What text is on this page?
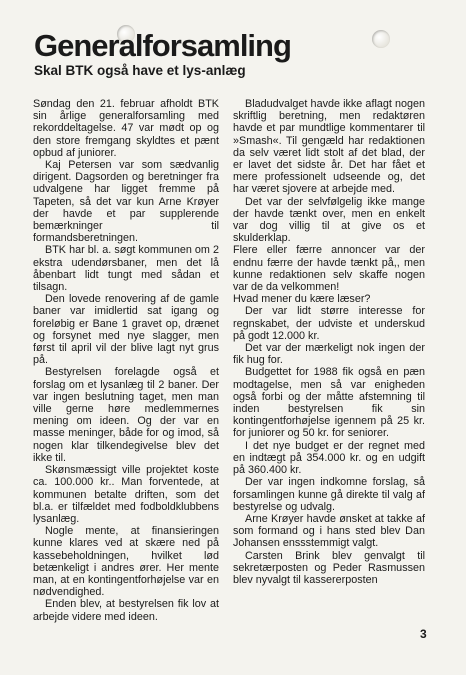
Generalforsamling
Skal BTK også have et lys-anlæg

Søndag den 21. februar afholdt BTK sin årlige generalforsamling med rekorddeltagelse. 47 var mødt op og den store fremgang skyldtes et pænt opbud af juniorer.

Kaj Petersen var som sædvanlig dirigent. Dagsorden og beretninger fra udvalgene har ligget fremme på Tapeten, så det var kun Arne Krøyer der havde et par supplerende bemærkninger til formandsberetningen.

BTK har bl. a. søgt kommunen om 2 ekstra udendørsbaner, men det lå åbenbart lidt tungt med sådan et tilsagn.

Den lovede renovering af de gamle baner var imidlertid sat igang og foreløbig er Bane 1 gravet op, drænet og forsynet med nye slagger, men først til april vil der blive lagt nyt grus på.

Bestyrelsen forelagde også et forslag om et lysanlæg til 2 baner. Der var ingen beslutning taget, men man ville gerne høre medlemmernes mening om ideen. Og der var en masse meninger, både for og imod, så nogen klar tilkendegivelse blev det ikke til.

Skønsmæssigt ville projektet koste ca. 100.000 kr.. Man forventede, at kommunen betalte driften, som det bl.a. er tilfældet med fodboldklubbens lysanlæg.

Nogle mente, at finansieringen kunne klares ved at skære ned på kassebeholdningen, hvilket lød betænkeligt i andres ører. Her mente man, at en kontingentforhøjelse var en nødvendighed.

Enden blev, at bestyrelsen fik lov at arbejde videre med ideen.

Bladudvalget havde ikke aflagt nogen skriftlig beretning, men redaktøren havde et par mundtlige kommentarer til »Smash«. Til gengæld har redaktionen da selv været lidt stolt af det blad, der er lavet det sidste år. Det har fået et mere professionelt udseende og, det har været sjovere at arbejde med.

Det var der selvfølgelig ikke mange der havde tænkt over, men en enkelt var dog villig til at give os et skulderklap.

Flere eller færre annoncer var der endnu færre der havde tænkt på,, men kunne redaktionen selv skaffe nogen var de da velkommen!

Hvad mener du kære læser?

Der var lidt større interesse for regnskabet, der udviste et underskud på godt 12.000 kr.

Det var der mærkeligt nok ingen der fik hug for.

Budgettet for 1988 fik også en pæn modtagelse, men så var enigheden også forbi og der måtte afstemning til inden bestyrelsen fik sin kontingentforhøjelse igennem på 25 kr. for juniorer og 50 kr. for seniorer.

I det nye budget er der regnet med en indtægt på 354.000 kr. og en udgift på 360.400 kr.

Der var ingen indkomne forslag, så forsamlingen kunne gå direkte til valg af bestyrelse og udvalg.

Arne Krøyer havde ønsket at takke af som formand og i hans sted blev Dan Johansen enssstemmigt valgt.

Carsten Brink blev genvalgt til sekretærposten og Peder Rasmussen blev nyvalgt til kassererposten

3
